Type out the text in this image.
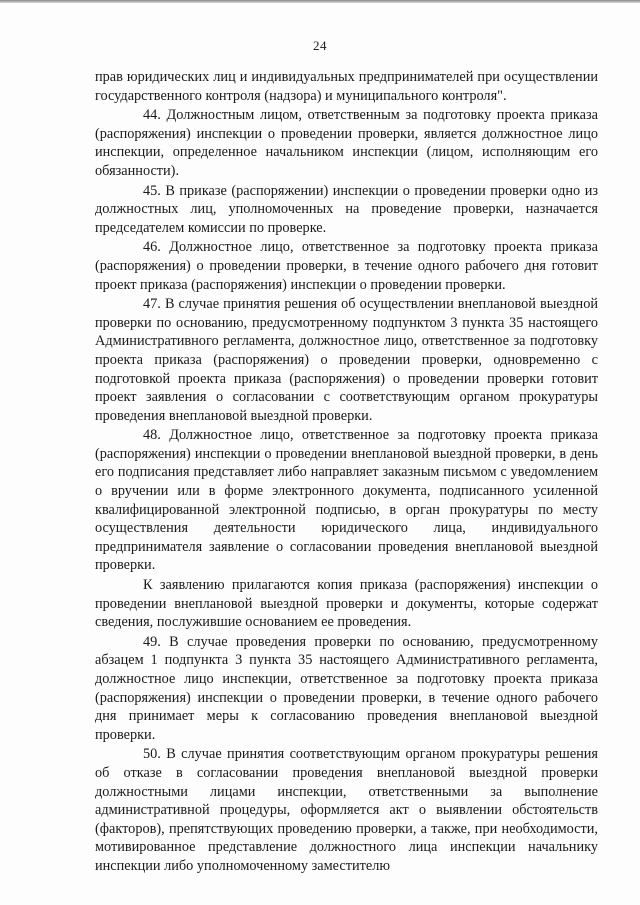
24

прав юридических лиц и индивидуальных предпринимателей при осуществлении государственного контроля (надзора) и муниципального контроля".

44. Должностным лицом, ответственным за подготовку проекта приказа (распоряжения) инспекции о проведении проверки, является должностное лицо инспекции, определенное начальником инспекции (лицом, исполняющим его обязанности).

45. В приказе (распоряжении) инспекции о проведении проверки одно из должностных лиц, уполномоченных на проведение проверки, назначается председателем комиссии по проверке.

46. Должностное лицо, ответственное за подготовку проекта приказа (распоряжения) о проведении проверки, в течение одного рабочего дня готовит проект приказа (распоряжения) инспекции о проведении проверки.

47. В случае принятия решения об осуществлении внеплановой выездной проверки по основанию, предусмотренному подпунктом 3 пункта 35 настоящего Административного регламента, должностное лицо, ответственное за подготовку проекта приказа (распоряжения) о проведении проверки, одновременно с подготовкой проекта приказа (распоряжения) о проведении проверки готовит проект заявления о согласовании с соответствующим органом прокуратуры проведения внеплановой выездной проверки.

48. Должностное лицо, ответственное за подготовку проекта приказа (распоряжения) инспекции о проведении внеплановой выездной проверки, в день его подписания представляет либо направляет заказным письмом с уведомлением о вручении или в форме электронного документа, подписанного усиленной квалифицированной электронной подписью, в орган прокуратуры по месту осуществления деятельности юридического лица, индивидуального предпринимателя заявление о согласовании проведения внеплановой выездной проверки.

К заявлению прилагаются копия приказа (распоряжения) инспекции о проведении внеплановой выездной проверки и документы, которые содержат сведения, послужившие основанием ее проведения.

49. В случае проведения проверки по основанию, предусмотренному абзацем 1 подпункта 3 пункта 35 настоящего Административного регламента, должностное лицо инспекции, ответственное за подготовку проекта приказа (распоряжения) инспекции о проведении проверки, в течение одного рабочего дня принимает меры к согласованию проведения внеплановой выездной проверки.

50. В случае принятия соответствующим органом прокуратуры решения об отказе в согласовании проведения внеплановой выездной проверки должностными лицами инспекции, ответственными за выполнение административной процедуры, оформляется акт о выявлении обстоятельств (факторов), препятствующих проведению проверки, а также, при необходимости, мотивированное представление должностного лица инспекции начальнику инспекции либо уполномоченному заместителю
